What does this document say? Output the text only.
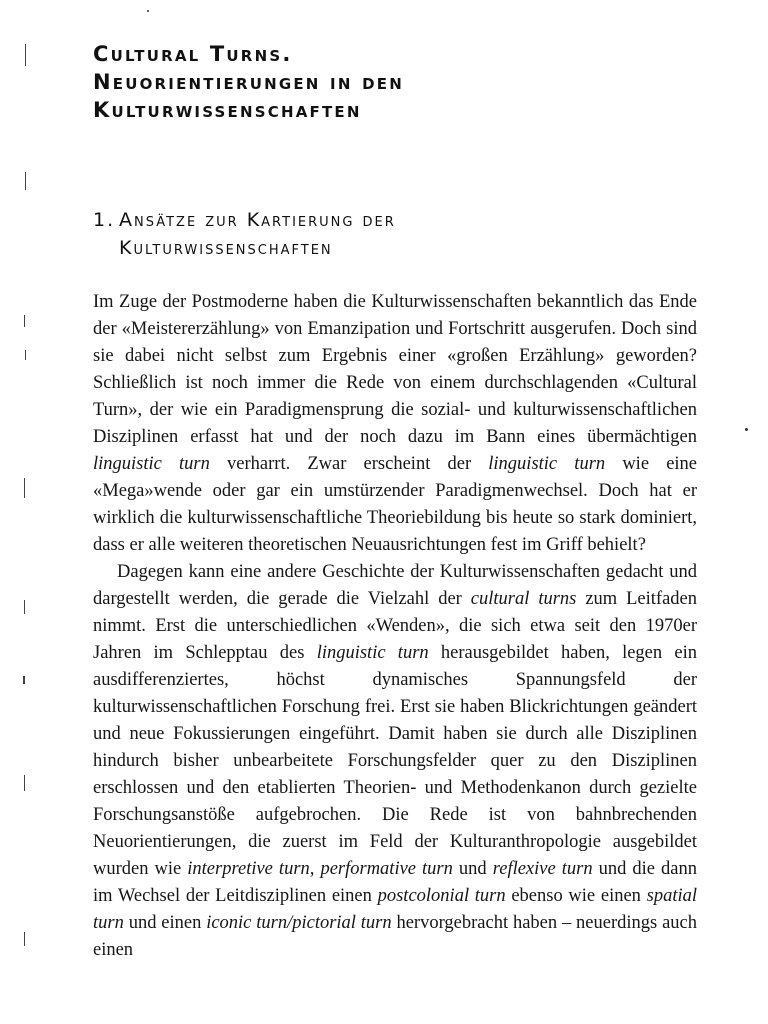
Cultural Turns.
Neuorientierungen in den
Kulturwissenschaften
1. Ansätze zur Kartierung der
Kulturwissenschaften

Im Zuge der Postmoderne haben die Kulturwissenschaften bekanntlich das Ende der «Meistererzählung» von Emanzipation und Fortschritt ausgerufen. Doch sind sie dabei nicht selbst zum Ergebnis einer «großen Erzählung» geworden? Schließlich ist noch immer die Rede von einem durchschlagenden «Cultural Turn», der wie ein Paradigmensprung die sozial- und kulturwissenschaftlichen Disziplinen erfasst hat und der noch dazu im Bann eines übermächtigen linguistic turn verharrt. Zwar erscheint der linguistic turn wie eine «Mega»wende oder gar ein umstürzender Paradigmenwechsel. Doch hat er wirklich die kulturwissenschaftliche Theoriebildung bis heute so stark dominiert, dass er alle weiteren theoretischen Neuausrichtungen fest im Griff behielt?

Dagegen kann eine andere Geschichte der Kulturwissenschaften gedacht und dargestellt werden, die gerade die Vielzahl der cultural turns zum Leitfaden nimmt. Erst die unterschiedlichen «Wenden», die sich etwa seit den 1970er Jahren im Schlepptau des linguistic turn herausgebildet haben, legen ein ausdifferenziertes, höchst dynamisches Spannungsfeld der kulturwissenschaftlichen Forschung frei. Erst sie haben Blickrichtungen geändert und neue Fokussierungen eingeführt. Damit haben sie durch alle Disziplinen hindurch bisher unbearbeitete Forschungsfelder quer zu den Disziplinen erschlossen und den etablierten Theorien- und Methodenkanon durch gezielte Forschungsanstöße aufgebrochen. Die Rede ist von bahnbrechenden Neuorientierungen, die zuerst im Feld der Kulturanthropologie ausgebildet wurden wie interpretive turn, performative turn und reflexive turn und die dann im Wechsel der Leitdisziplinen einen postcolonial turn ebenso wie einen spatial turn und einen iconic turn/pictorial turn hervorgebracht haben – neuerdings auch einen
